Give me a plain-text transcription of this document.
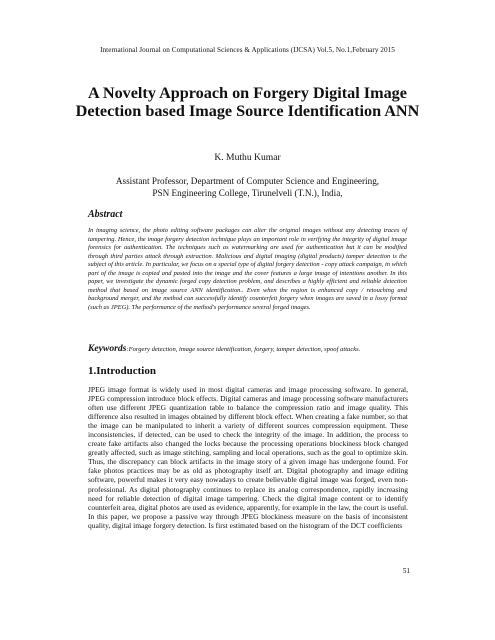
International Journal on Computational Sciences & Applications (IJCSA) Vol.5, No.1,February 2015
A Novelty Approach on Forgery Digital Image Detection based Image Source Identification ANN
K. Muthu Kumar
Assistant Professor, Department of Computer Science and Engineering,
PSN Engineering College, Tirunelveli (T.N.), India,
Abstract
In imaging science, the photo editing software packages can alter the original images without any detecting traces of tampering. Hence, the image forgery detection technique plays an important role in verifying the integrity of digital image forensics for authentication. The techniques such as watermarking are used for authentication but it can be modified through third parties attack through extraction. Malicious and digital imaging (digital products) tamper detection is the subject of this article. In particular, we focus on a special type of digital forgery detection - copy attack campaign, in which part of the image is copied and pasted into the image and the cover features a large image of intentions another. In this paper, we investigate the dynamic forged copy detection problem, and describes a highly efficient and reliable detection method that based on image source ANN identification.. Even when the region is enhanced copy / retouching and background merger, and the method can successfully identify counterfeit forgery when images are saved in a lossy format (such as JPEG). The performance of the method's performance several forged images.
Keywords:Forgery detection, image source identification, forgery, tamper detection, spoof attacks.
1.Introduction
JPEG image format is widely used in most digital cameras and image processing software. In general, JPEG compression introduce block effects. Digital cameras and image processing software manufacturers often use different JPEG quantization table to balance the compression ratio and image quality. This difference also resulted in images obtained by different block effect. When creating a fake number, so that the image can be manipulated to inherit a variety of different sources compression equipment. These inconsistencies, if detected, can be used to check the integrity of the image. In addition, the process to create fake artifacts also changed the locks because the processing operations blockiness block changed greatly affected, such as image stitching, sampling and local operations, such as the goal to optimize skin. Thus, the discrepancy can block artifacts in the image story of a given image has undergone found. For fake photos practices may be as old as photography itself art. Digital photography and image editing software, powerful makes it very easy nowadays to create believable digital image was forged, even non-professional. As digital photography continues to replace its analog correspondence, rapidly increasing need for reliable detection of digital image tampering. Check the digital image content or to identify counterfeit area, digital photos are used as evidence, apparently, for example in the law, the court is useful. In this paper, we propose a passive way through JPEG blockiness measure on the basis of inconsistent quality, digital image forgery detection. Is first estimated based on the histogram of the DCT coefficients
51
